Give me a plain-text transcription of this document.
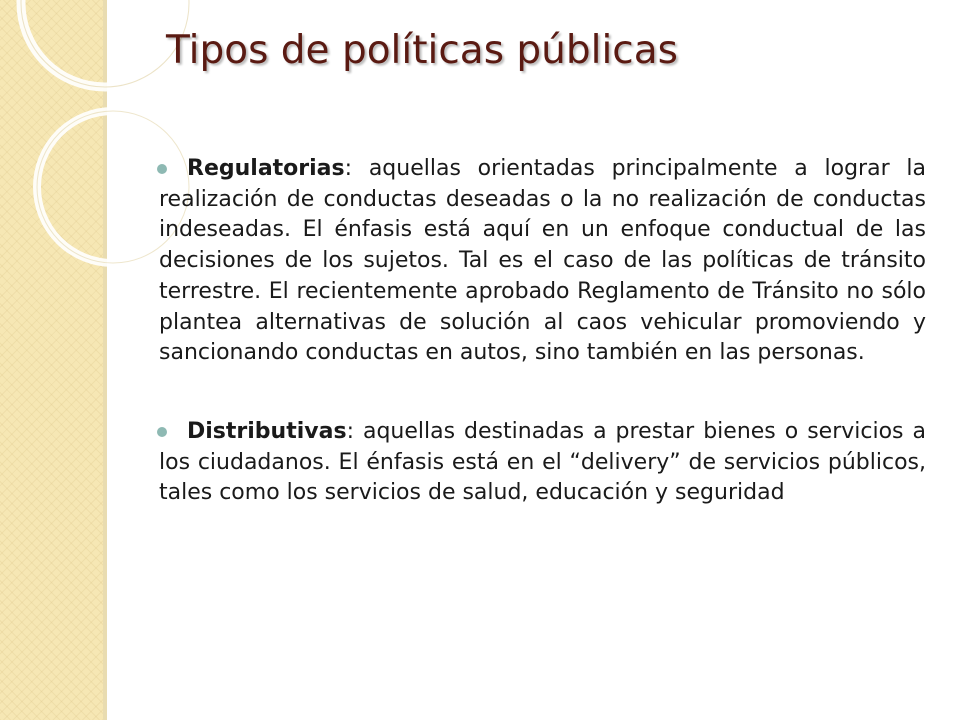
Tipos de políticas públicas
Regulatorias: aquellas orientadas principalmente a lograr la realización de conductas deseadas o la no realización de conductas indeseadas. El énfasis está aquí en un enfoque conductual de las decisiones de los sujetos. Tal es el caso de las políticas de tránsito terrestre. El recientemente aprobado Reglamento de Tránsito no sólo plantea alternativas de solución al caos vehicular promoviendo y sancionando conductas en autos, sino también en las personas.
Distributivas: aquellas destinadas a prestar bienes o servicios a los ciudadanos. El énfasis está en el “delivery” de servicios públicos, tales como los servicios de salud, educación y seguridad
